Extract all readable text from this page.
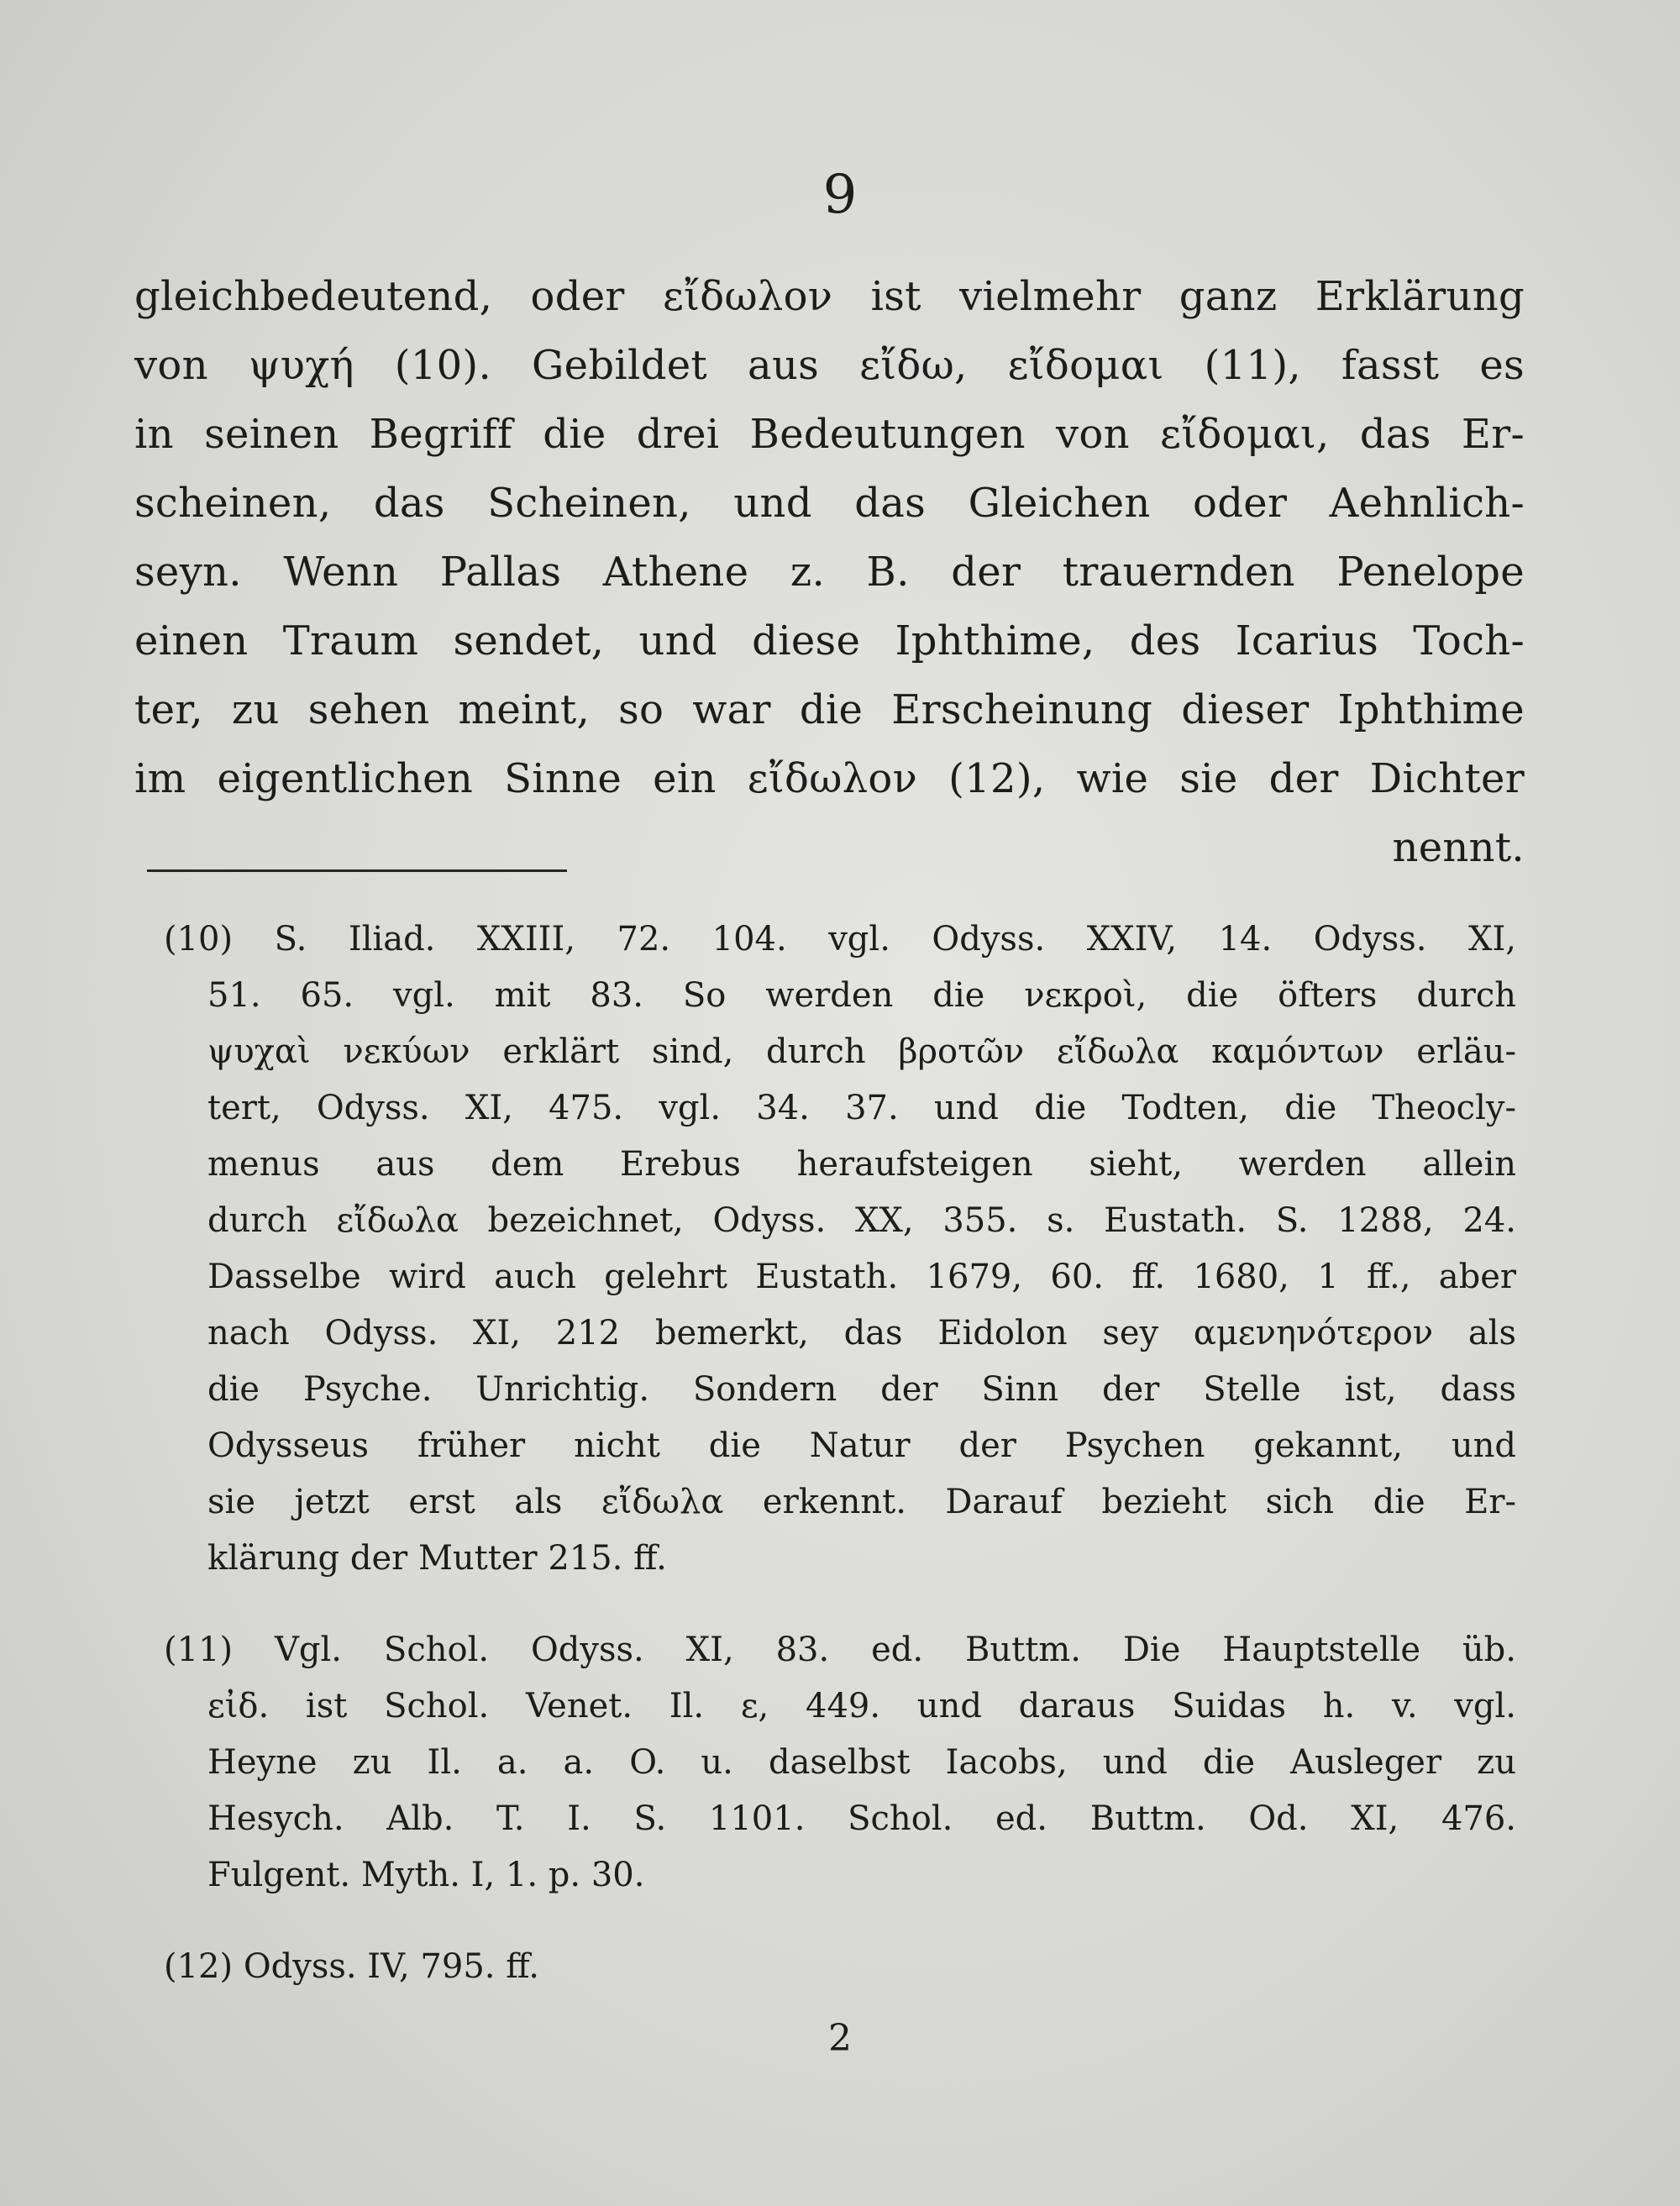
9
gleichbedeutend, oder εἴδωλον ist vielmehr ganz Erklärung
von ψυχή (10). Gebildet aus εἴδω, εἴδομαι (11), fasst es
in seinen Begriff die drei Bedeutungen von εἴδομαι, das Er-
scheinen, das Scheinen, und das Gleichen oder Aehnlich-
seyn. Wenn Pallas Athene z. B. der trauernden Penelope
einen Traum sendet, und diese Iphthime, des Icarius Toch-
ter, zu sehen meint, so war die Erscheinung dieser Iphthime
im eigentlichen Sinne ein εἴδωλον (12), wie sie der Dichter
nennt.
(10) S. Iliad. XXIII, 72. 104. vgl. Odyss. XXIV, 14. Odyss. XI,
51. 65. vgl. mit 83. So werden die νεκροὶ, die öfters durch
ψυχαὶ νεκύων erklärt sind, durch βροτῶν εἴδωλα καμόντων erläu-
tert, Odyss. XI, 475. vgl. 34. 37. und die Todten, die Theocly-
menus aus dem Erebus heraufsteigen sieht, werden allein
durch εἴδωλα bezeichnet, Odyss. XX, 355. s. Eustath. S. 1288, 24.
Dasselbe wird auch gelehrt Eustath. 1679, 60. ff. 1680, 1 ff., aber
nach Odyss. XI, 212 bemerkt, das Eidolon sey αμενηνότερον als
die Psyche. Unrichtig. Sondern der Sinn der Stelle ist, dass
Odysseus früher nicht die Natur der Psychen gekannt, und
sie jetzt erst als εἴδωλα erkennt. Darauf bezieht sich die Er-
klärung der Mutter 215. ff.
(11) Vgl. Schol. Odyss. XI, 83. ed. Buttm. Die Hauptstelle üb.
εἰδ. ist Schol. Venet. Il. ε, 449. und daraus Suidas h. v. vgl.
Heyne zu Il. a. a. O. u. daselbst Iacobs, und die Ausleger zu
Hesych. Alb. T. I. S. 1101. Schol. ed. Buttm. Od. XI, 476.
Fulgent. Myth. I, 1. p. 30.
(12) Odyss. IV, 795. ff.
2
